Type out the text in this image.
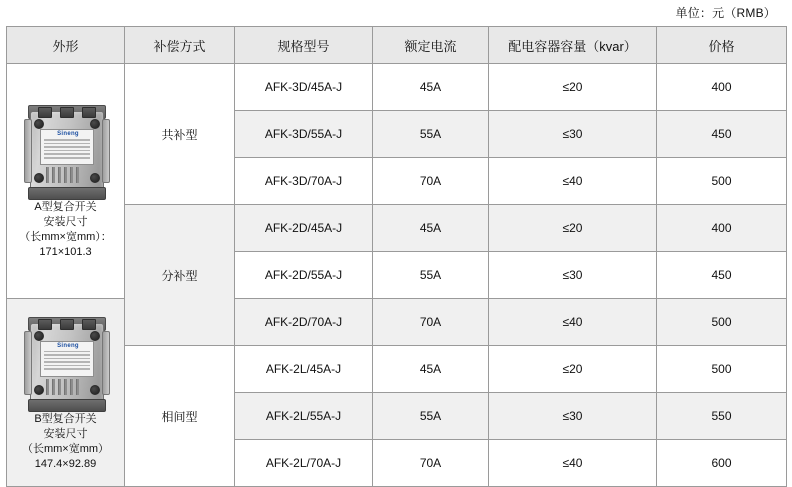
单位：元（RMB）
外形	补偿方式	规格型号	额定电流	配电容器容量（kvar）	价格

Sineng
A型复合开关
安装尺寸
（长mm×宽mm）：
171×101.3	共补型	AFK-3D/45A-J	45A	≤20	400
		AFK-3D/55A-J	55A	≤30	450
		AFK-3D/70A-J	70A	≤40	500
	分补型	AFK-2D/45A-J	45A	≤20	400
		AFK-2D/55A-J	55A	≤30	450

Sineng
B型复合开关
安装尺寸
（长mm×宽mm）
147.4×92.89		AFK-2D/70A-J	70A	≤40	500
	相间型	AFK-2L/45A-J	45A	≤20	500
		AFK-2L/55A-J	55A	≤30	550
		AFK-2L/70A-J	70A	≤40	600
